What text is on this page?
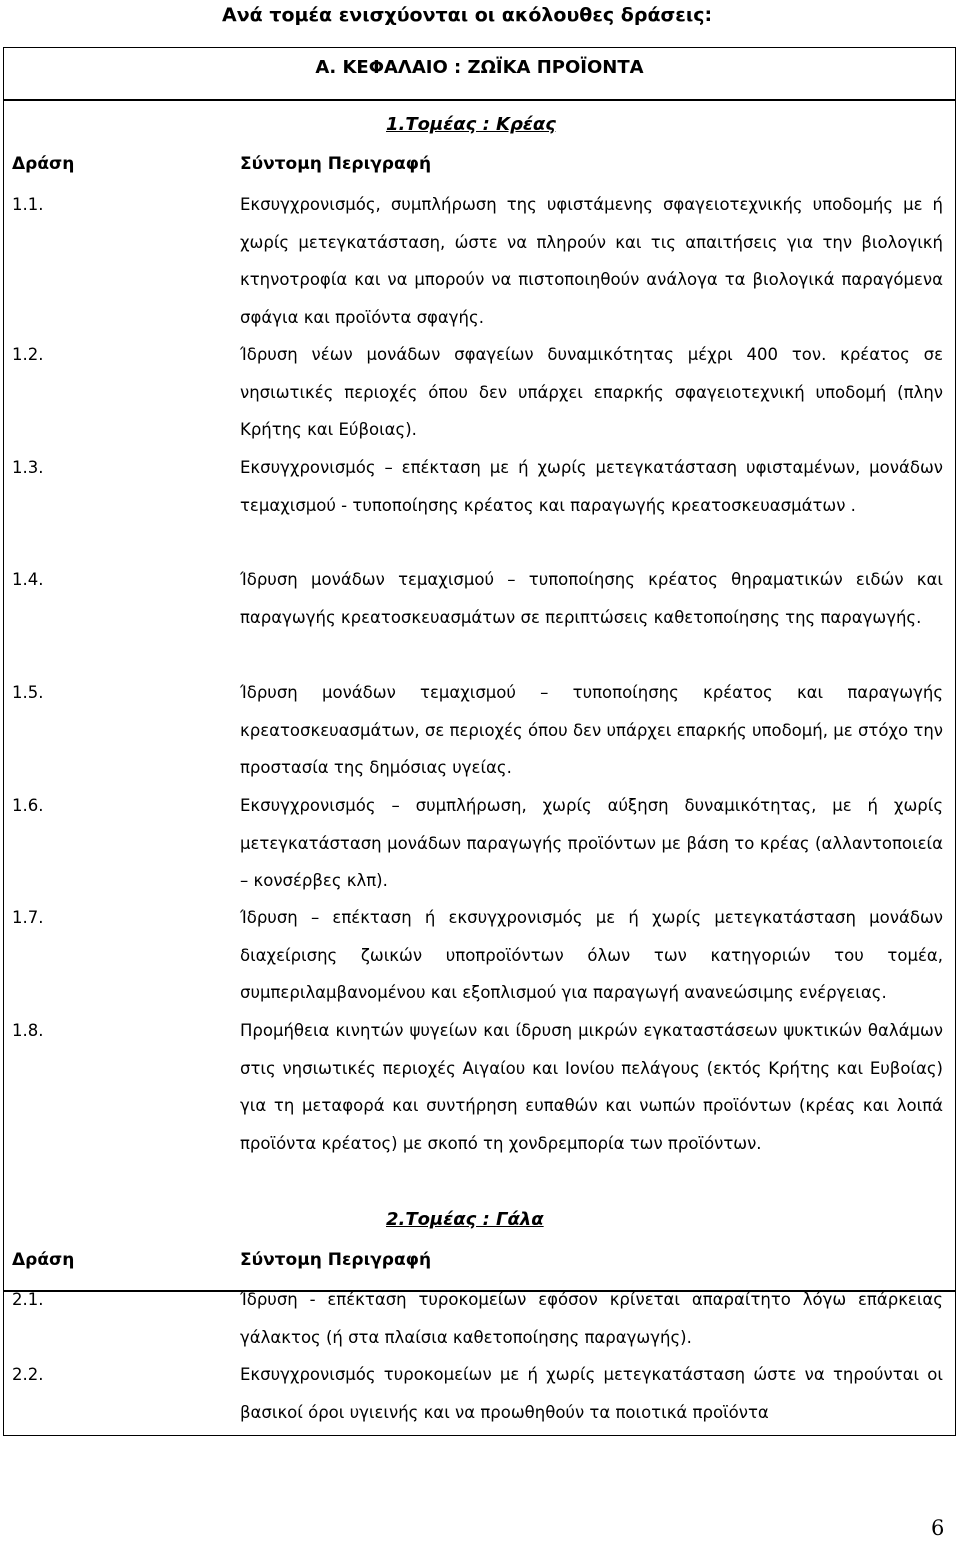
Ανά τομέα ενισχύονται οι ακόλουθες δράσεις:
Α. ΚΕΦΑΛΑΙΟ : ΖΩΪΚΑ ΠΡΟΪΟΝΤΑ
1.Τομέας : Κρέας
Δράση	Σύντομη Περιγραφή
1.1.	Εκσυγχρονισμός, συμπλήρωση της υφιστάμενης σφαγειοτεχνικής υποδομής με ή χωρίς μετεγκατάσταση, ώστε να πληρούν και τις απαιτήσεις για την βιολογική κτηνοτροφία και να μπορούν να πιστοποιηθούν ανάλογα τα βιολογικά παραγόμενα σφάγια και προϊόντα σφαγής.

1.2.	Ίδρυση νέων μονάδων σφαγείων δυναμικότητας μέχρι 400 τον. κρέατος σε νησιωτικές περιοχές όπου δεν υπάρχει επαρκής σφαγειοτεχνική υποδομή (πλην Κρήτης και Εύβοιας).

1.3.	Εκσυγχρονισμός – επέκταση με ή χωρίς μετεγκατάσταση υφισταμένων, μονάδων τεμαχισμού - τυποποίησης κρέατος και παραγωγής κρεατοσκευασμάτων .

1.4.	Ίδρυση μονάδων τεμαχισμού – τυποποίησης κρέατος θηραματικών ειδών και παραγωγής κρεατοσκευασμάτων σε περιπτώσεις καθετοποίησης της παραγωγής.

1.5.	Ίδρυση μονάδων τεμαχισμού – τυποποίησης κρέατος και παραγωγής κρεατοσκευασμάτων, σε περιοχές όπου δεν υπάρχει επαρκής υποδομή, με στόχο την προστασία της δημόσιας υγείας.

1.6.	Εκσυγχρονισμός – συμπλήρωση, χωρίς αύξηση δυναμικότητας, με ή χωρίς μετεγκατάσταση μονάδων παραγωγής προϊόντων με βάση το κρέας (αλλαντοποιεία – κονσέρβες κλπ).

1.7.	Ίδρυση – επέκταση ή εκσυγχρονισμός με ή χωρίς μετεγκατάσταση μονάδων διαχείρισης ζωικών υποπροϊόντων όλων των κατηγοριών του τομέα, συμπεριλαμβανομένου και εξοπλισμού για παραγωγή ανανεώσιμης ενέργειας.

1.8.	Προμήθεια κινητών ψυγείων και ίδρυση μικρών εγκαταστάσεων ψυκτικών θαλάμων στις νησιωτικές περιοχές Αιγαίου και Ιονίου πελάγους (εκτός Κρήτης και Ευβοίας) για τη μεταφορά και συντήρηση ευπαθών και νωπών προϊόντων (κρέας και λοιπά προϊόντα κρέατος) με σκοπό τη χονδρεμπορία των προϊόντων.

2.Τομέας : Γάλα
Δράση	Σύντομη Περιγραφή
2.1.	Ίδρυση - επέκταση τυροκομείων εφόσον κρίνεται απαραίτητο λόγω επάρκειας γάλακτος (ή στα πλαίσια καθετοποίησης παραγωγής).

2.2.	Εκσυγχρονισμός τυροκομείων με ή χωρίς μετεγκατάσταση ώστε να τηρούνται οι βασικοί όροι υγιεινής και να προωθηθούν τα ποιοτικά προϊόντα

6
